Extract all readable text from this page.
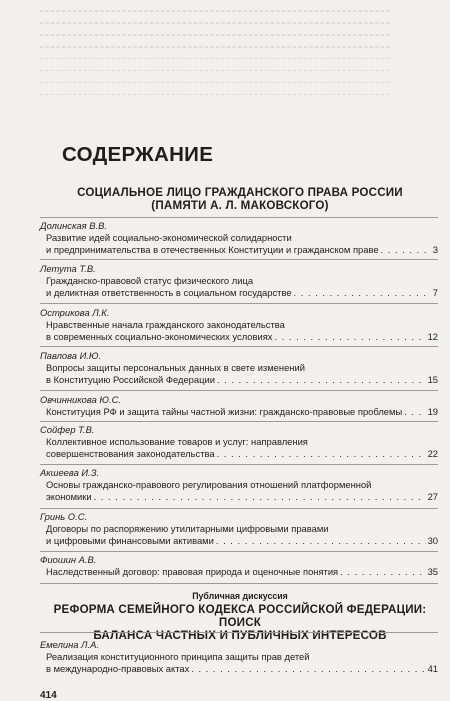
СОДЕРЖАНИЕ
СОЦИАЛЬНОЕ ЛИЦО ГРАЖДАНСКОГО ПРАВА РОССИИ
(ПАМЯТИ А. Л. МАКОВСКОГО)
Долинская В.В.
Развитие идей социально-экономической солидарности
и предпринимательства в отечественных Конституции и гражданском праве . . .	3
Летута Т.В.
Гражданско-правовой статус физического лица
и деликтная ответственность в социальном государстве . . .	7
Острикова Л.К.
Нравственные начала гражданского законодательства
в современных социально-экономических условиях . . .	12
Павлова И.Ю.
Вопросы защиты персональных данных в свете изменений
в Конституцию Российской Федерации . . .	15
Овчинникова Ю.С.
Конституция РФ и защита тайны частной жизни: гражданско-правовые проблемы . . .	19
Сойфер Т.В.
Коллективное использование товаров и услуг: направления
совершенствования законодательства . . .	22
Акшеева И.З.
Основы гражданско-правового регулирования отношений платформенной
экономики . . .	27
Гринь О.С.
Договоры по распоряжению утилитарными цифровыми правами
и цифровыми финансовыми активами . . .	30
Фиошин А.В.
Наследственный договор: правовая природа и оценочные понятия . . .	35
Публичная дискуссия
РЕФОРМА СЕМЕЙНОГО КОДЕКСА РОССИЙСКОЙ ФЕДЕРАЦИИ: ПОИСК
БАЛАНСА ЧАСТНЫХ И ПУБЛИЧНЫХ ИНТЕРЕСОВ
Емелина Л.А.
Реализация конституционного принципа защиты прав детей
в международно-правовых актах . . .	41
414
